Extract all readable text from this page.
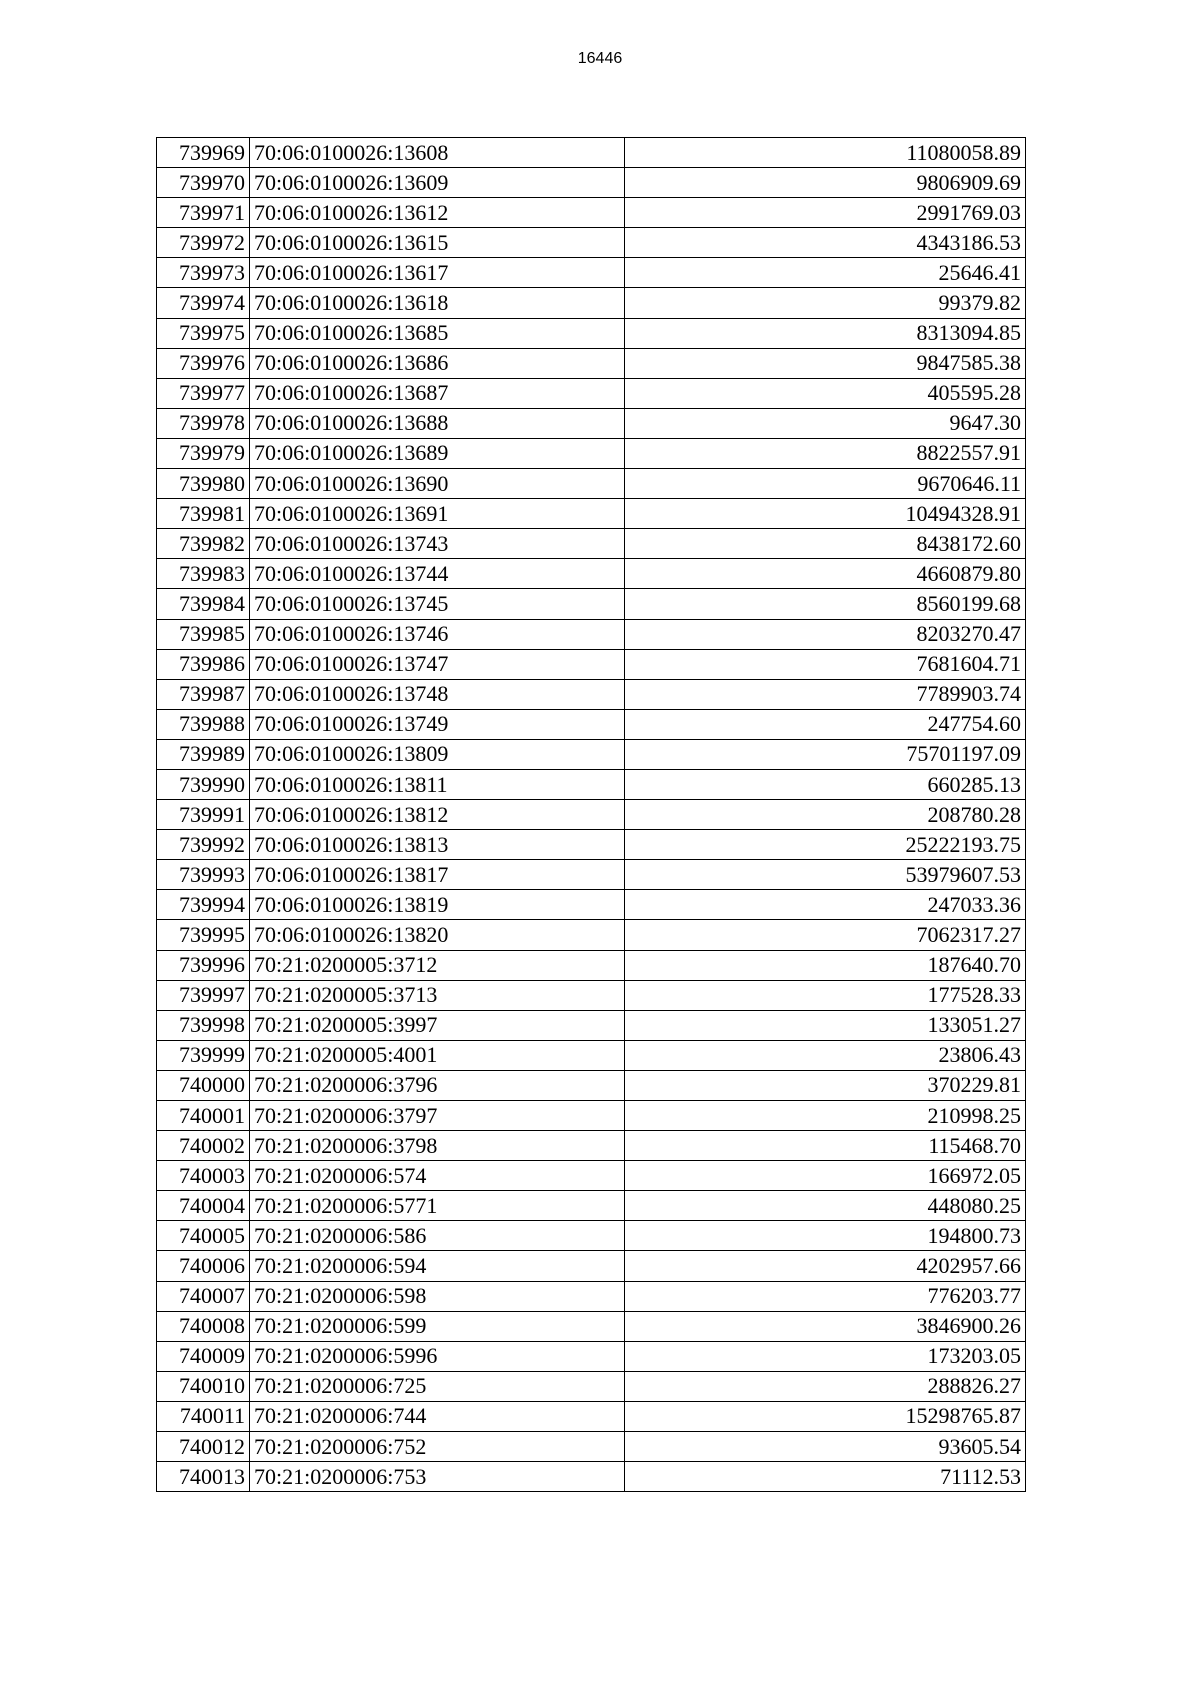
16446
739969	70:06:0100026:13608	11080058.89
739970	70:06:0100026:13609	9806909.69
739971	70:06:0100026:13612	2991769.03
739972	70:06:0100026:13615	4343186.53
739973	70:06:0100026:13617	25646.41
739974	70:06:0100026:13618	99379.82
739975	70:06:0100026:13685	8313094.85
739976	70:06:0100026:13686	9847585.38
739977	70:06:0100026:13687	405595.28
739978	70:06:0100026:13688	9647.30
739979	70:06:0100026:13689	8822557.91
739980	70:06:0100026:13690	9670646.11
739981	70:06:0100026:13691	10494328.91
739982	70:06:0100026:13743	8438172.60
739983	70:06:0100026:13744	4660879.80
739984	70:06:0100026:13745	8560199.68
739985	70:06:0100026:13746	8203270.47
739986	70:06:0100026:13747	7681604.71
739987	70:06:0100026:13748	7789903.74
739988	70:06:0100026:13749	247754.60
739989	70:06:0100026:13809	75701197.09
739990	70:06:0100026:13811	660285.13
739991	70:06:0100026:13812	208780.28
739992	70:06:0100026:13813	25222193.75
739993	70:06:0100026:13817	53979607.53
739994	70:06:0100026:13819	247033.36
739995	70:06:0100026:13820	7062317.27
739996	70:21:0200005:3712	187640.70
739997	70:21:0200005:3713	177528.33
739998	70:21:0200005:3997	133051.27
739999	70:21:0200005:4001	23806.43
740000	70:21:0200006:3796	370229.81
740001	70:21:0200006:3797	210998.25
740002	70:21:0200006:3798	115468.70
740003	70:21:0200006:574	166972.05
740004	70:21:0200006:5771	448080.25
740005	70:21:0200006:586	194800.73
740006	70:21:0200006:594	4202957.66
740007	70:21:0200006:598	776203.77
740008	70:21:0200006:599	3846900.26
740009	70:21:0200006:5996	173203.05
740010	70:21:0200006:725	288826.27
740011	70:21:0200006:744	15298765.87
740012	70:21:0200006:752	93605.54
740013	70:21:0200006:753	71112.53
